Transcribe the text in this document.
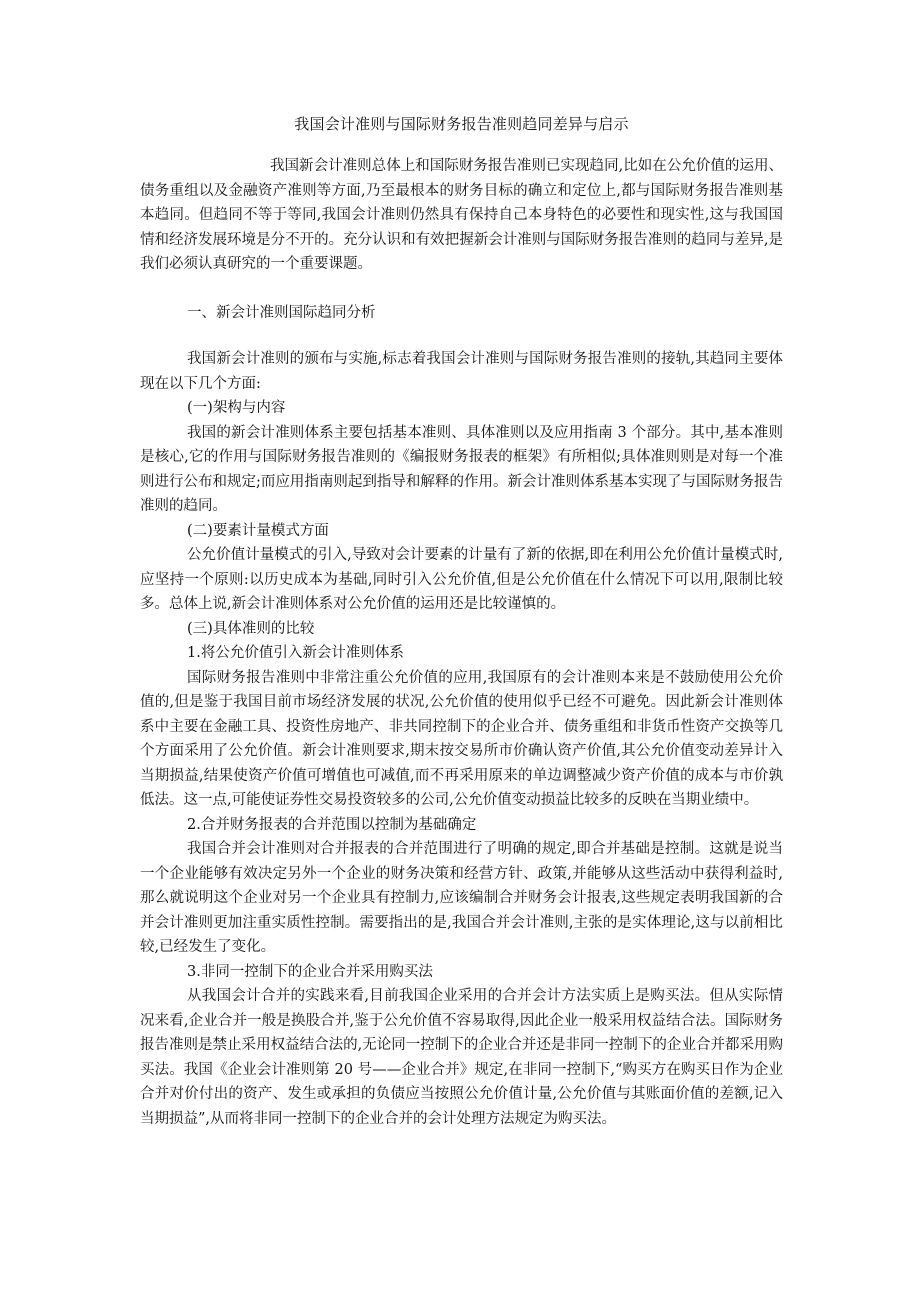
我国会计准则与国际财务报告准则趋同差异与启示

我国新会计准则总体上和国际财务报告准则已实现趋同,比如在公允价值的运用、债务重组以及金融资产准则等方面,乃至最根本的财务目标的确立和定位上,都与国际财务报告准则基本趋同。但趋同不等于等同,我国会计准则仍然具有保持自己本身特色的必要性和现实性,这与我国国情和经济发展环境是分不开的。充分认识和有效把握新会计准则与国际财务报告准则的趋同与差异,是我们必须认真研究的一个重要课题。

一、新会计准则国际趋同分析

我国新会计准则的颁布与实施,标志着我国会计准则与国际财务报告准则的接轨,其趋同主要体现在以下几个方面:

(一)架构与内容

我国的新会计准则体系主要包括基本准则、具体准则以及应用指南 3 个部分。其中,基本准则是核心,它的作用与国际财务报告准则的《编报财务报表的框架》有所相似;具体准则则是对每一个准则进行公布和规定;而应用指南则起到指导和解释的作用。新会计准则体系基本实现了与国际财务报告准则的趋同。

(二)要素计量模式方面

公允价值计量模式的引入,导致对会计要素的计量有了新的依据,即在利用公允价值计量模式时,应坚持一个原则:以历史成本为基础,同时引入公允价值,但是公允价值在什么情况下可以用,限制比较多。总体上说,新会计准则体系对公允价值的运用还是比较谨慎的。

(三)具体准则的比较

1.将公允价值引入新会计准则体系

国际财务报告准则中非常注重公允价值的应用,我国原有的会计准则本来是不鼓励使用公允价值的,但是鉴于我国目前市场经济发展的状况,公允价值的使用似乎已经不可避免。因此新会计准则体系中主要在金融工具、投资性房地产、非共同控制下的企业合并、债务重组和非货币性资产交换等几个方面采用了公允价值。新会计准则要求,期末按交易所市价确认资产价值,其公允价值变动差异计入当期损益,结果使资产价值可增值也可减值,而不再采用原来的单边调整减少资产价值的成本与市价孰低法。这一点,可能使证券性交易投资较多的公司,公允价值变动损益比较多的反映在当期业绩中。

2.合并财务报表的合并范围以控制为基础确定

我国合并会计准则对合并报表的合并范围进行了明确的规定,即合并基础是控制。这就是说当一个企业能够有效决定另外一个企业的财务决策和经营方针、政策,并能够从这些活动中获得利益时,那么就说明这个企业对另一个企业具有控制力,应该编制合并财务会计报表,这些规定表明我国新的合并会计准则更加注重实质性控制。需要指出的是,我国合并会计准则,主张的是实体理论,这与以前相比较,已经发生了变化。

3.非同一控制下的企业合并采用购买法

从我国会计合并的实践来看,目前我国企业采用的合并会计方法实质上是购买法。但从实际情况来看,企业合并一般是换股合并,鉴于公允价值不容易取得,因此企业一般采用权益结合法。国际财务报告准则是禁止采用权益结合法的,无论同一控制下的企业合并还是非同一控制下的企业合并都采用购买法。我国《企业会计准则第 20 号——企业合并》规定,在非同一控制下,“购买方在购买日作为企业合并对价付出的资产、发生或承担的负债应当按照公允价值计量,公允价值与其账面价值的差额,记入当期损益”,从而将非同一控制下的企业合并的会计处理方法规定为购买法。
